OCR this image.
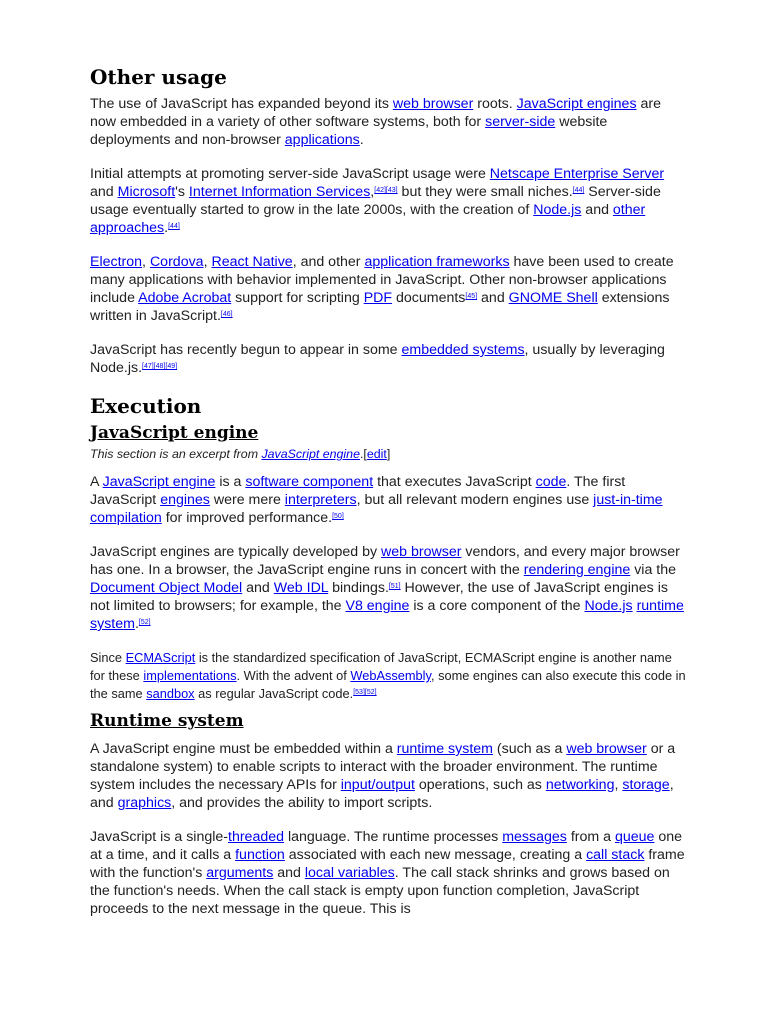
Other usage

The use of JavaScript has expanded beyond its web browser roots. JavaScript engines are now embedded in a variety of other software systems, both for server-side website deployments and non-browser applications.

Initial attempts at promoting server-side JavaScript usage were Netscape Enterprise Server and Microsoft's Internet Information Services,[42][43] but they were small niches.[44] Server-side usage eventually started to grow in the late 2000s, with the creation of Node.js and other approaches.[44]

Electron, Cordova, React Native, and other application frameworks have been used to create many applications with behavior implemented in JavaScript. Other non-browser applications include Adobe Acrobat support for scripting PDF documents[45] and GNOME Shell extensions written in JavaScript.[46]

JavaScript has recently begun to appear in some embedded systems, usually by leveraging Node.js.[47][48][49]

Execution
JavaScript engine

This section is an excerpt from JavaScript engine.[edit]

A JavaScript engine is a software component that executes JavaScript code. The first JavaScript engines were mere interpreters, but all relevant modern engines use just-in-time compilation for improved performance.[50]

JavaScript engines are typically developed by web browser vendors, and every major browser has one. In a browser, the JavaScript engine runs in concert with the rendering engine via the Document Object Model and Web IDL bindings.[51] However, the use of JavaScript engines is not limited to browsers; for example, the V8 engine is a core component of the Node.js runtime system.[52]

Since ECMAScript is the standardized specification of JavaScript, ECMAScript engine is another name for these implementations. With the advent of WebAssembly, some engines can also execute this code in the same sandbox as regular JavaScript code.[53][52]

Runtime system

A JavaScript engine must be embedded within a runtime system (such as a web browser or a standalone system) to enable scripts to interact with the broader environment. The runtime system includes the necessary APIs for input/output operations, such as networking, storage, and graphics, and provides the ability to import scripts.

JavaScript is a single-threaded language. The runtime processes messages from a queue one at a time, and it calls a function associated with each new message, creating a call stack frame with the function's arguments and local variables. The call stack shrinks and grows based on the function's needs. When the call stack is empty upon function completion, JavaScript proceeds to the next message in the queue. This is
